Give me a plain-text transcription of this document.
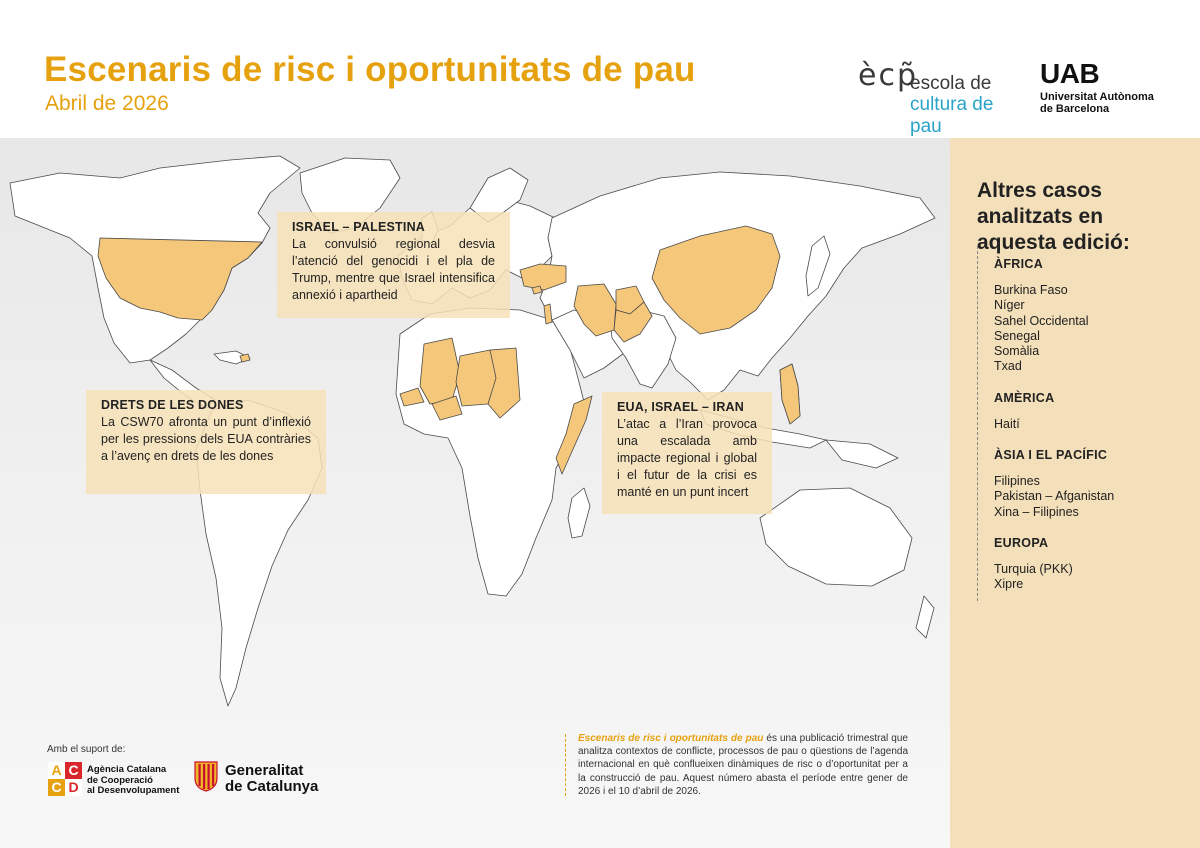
Escenaris de risc i oportunitats de pau
Abril de 2026
ècp̃
escola de
cultura de pau
UAB
Universitat Autònoma
de Barcelona
ISRAEL – PALESTINA
La convulsió regional desvia l’atenció del genocidi i el pla de Trump, mentre que Israel intensifica annexió i apartheid
DRETS DE LES DONES
La CSW70 afronta un punt d’inflexió per les pressions dels EUA contràries a l’avenç en drets de les dones
EUA, ISRAEL – IRAN
L’atac a l’Iran provoca una escalada amb impacte regional i global i el futur de la crisi es manté en un punt incert
Altres casos analitzats en aquesta edició:
ÀFRICA
Burkina Faso
Níger
Sahel Occidental
Senegal
Somàlia
Txad
AMÈRICA
Haití
ÀSIA I EL PACÍFIC
Filipines
Pakistan – Afganistan
Xina – Filipines
EUROPA
Turquia (PKK)
Xipre
Amb el suport de:
A C
C D
Agència Catalana
de Cooperació
al Desenvolupament
Generalitat
de Catalunya
Escenaris de risc i oportunitats de pau és una publicació trimestral que analitza contextos de conflicte, processos de pau o qüestions de l’agenda internacional en què conflueixen dinàmiques de risc o d’oportunitat per a la construcció de pau. Aquest número abasta el període entre gener de 2026 i el 10 d’abril de 2026.
